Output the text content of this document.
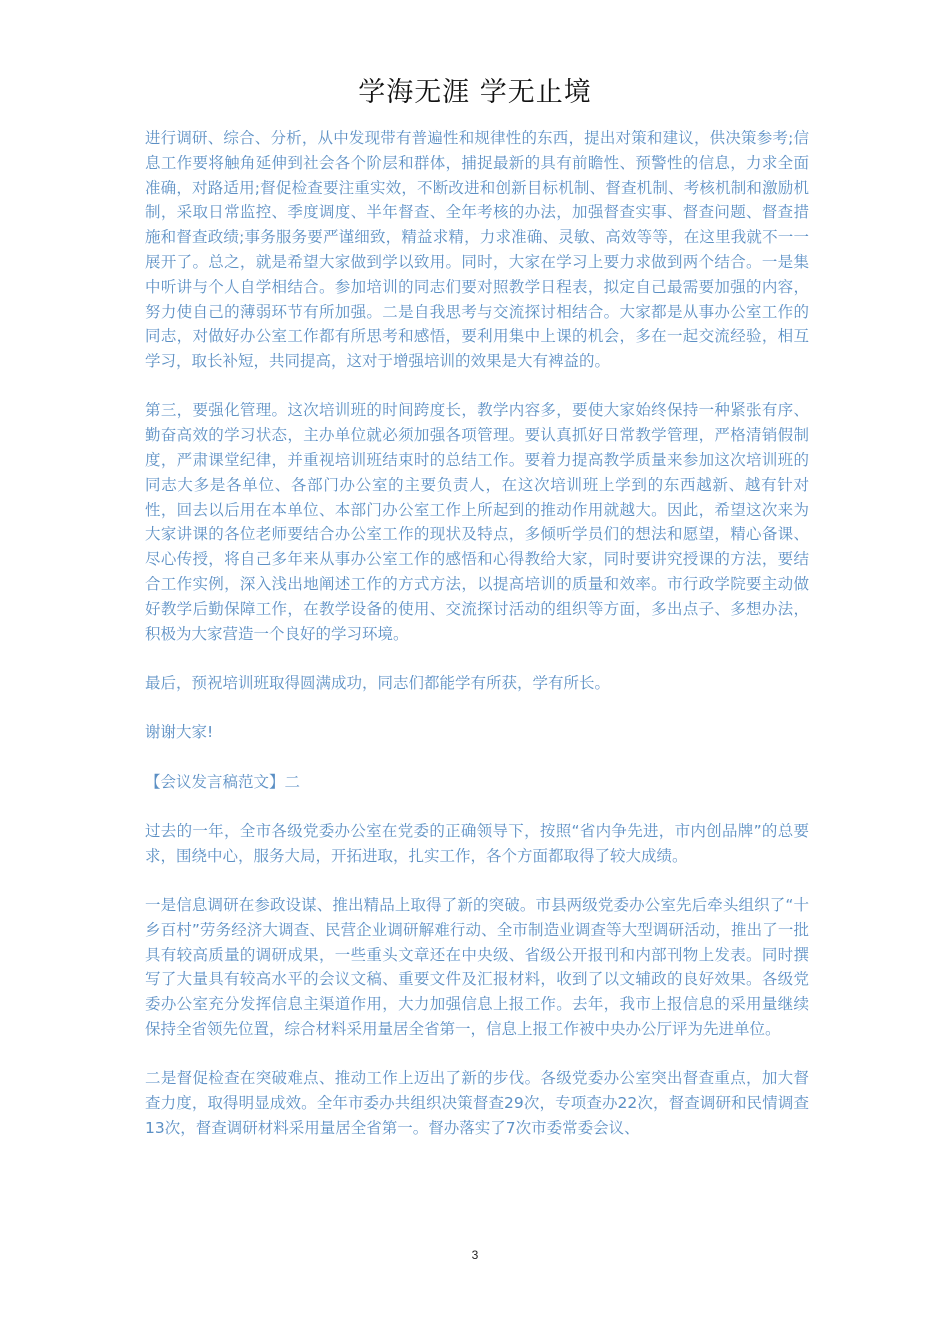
学海无涯 学无止境

进行调研、综合、分析，从中发现带有普遍性和规律性的东西，提出对策和建议，供决策参考;信息工作要将触角延伸到社会各个阶层和群体，捕捉最新的具有前瞻性、预警性的信息，力求全面准确，对路适用;督促检查要注重实效，不断改进和创新目标机制、督查机制、考核机制和激励机制，采取日常监控、季度调度、半年督查、全年考核的办法，加强督查实事、督查问题、督查措施和督查政绩;事务服务要严谨细致，精益求精，力求准确、灵敏、高效等等，在这里我就不一一展开了。总之，就是希望大家做到学以致用。同时，大家在学习上要力求做到两个结合。一是集中听讲与个人自学相结合。参加培训的同志们要对照教学日程表，拟定自己最需要加强的内容，努力使自己的薄弱环节有所加强。二是自我思考与交流探讨相结合。大家都是从事办公室工作的同志，对做好办公室工作都有所思考和感悟，要利用集中上课的机会，多在一起交流经验，相互学习，取长补短，共同提高，这对于增强培训的效果是大有裨益的。

第三，要强化管理。这次培训班的时间跨度长，教学内容多，要使大家始终保持一种紧张有序、勤奋高效的学习状态，主办单位就必须加强各项管理。要认真抓好日常教学管理，严格清销假制度，严肃课堂纪律，并重视培训班结束时的总结工作。要着力提高教学质量来参加这次培训班的同志大多是各单位、各部门办公室的主要负责人，在这次培训班上学到的东西越新、越有针对性，回去以后用在本单位、本部门办公室工作上所起到的推动作用就越大。因此，希望这次来为大家讲课的各位老师要结合办公室工作的现状及特点，多倾听学员们的想法和愿望，精心备课、尽心传授，将自己多年来从事办公室工作的感悟和心得教给大家，同时要讲究授课的方法，要结合工作实例，深入浅出地阐述工作的方式方法，以提高培训的质量和效率。市行政学院要主动做好教学后勤保障工作，在教学设备的使用、交流探讨活动的组织等方面，多出点子、多想办法，积极为大家营造一个良好的学习环境。

最后，预祝培训班取得圆满成功，同志们都能学有所获，学有所长。

谢谢大家!

【会议发言稿范文】二

过去的一年，全市各级党委办公室在党委的正确领导下，按照“省内争先进，市内创品牌”的总要求，围绕中心，服务大局，开拓进取，扎实工作，各个方面都取得了较大成绩。

一是信息调研在参政设谋、推出精品上取得了新的突破。市县两级党委办公室先后牵头组织了“十乡百村”劳务经济大调查、民营企业调研解难行动、全市制造业调查等大型调研活动，推出了一批具有较高质量的调研成果，一些重头文章还在中央级、省级公开报刊和内部刊物上发表。同时撰写了大量具有较高水平的会议文稿、重要文件及汇报材料，收到了以文辅政的良好效果。各级党委办公室充分发挥信息主渠道作用，大力加强信息上报工作。去年，我市上报信息的采用量继续保持全省领先位置，综合材料采用量居全省第一，信息上报工作被中央办公厅评为先进单位。

二是督促检查在突破难点、推动工作上迈出了新的步伐。各级党委办公室突出督查重点，加大督查力度，取得明显成效。全年市委办共组织决策督查29次，专项查办22次，督查调研和民情调查13次，督查调研材料采用量居全省第一。督办落实了7次市委常委会议、

3
